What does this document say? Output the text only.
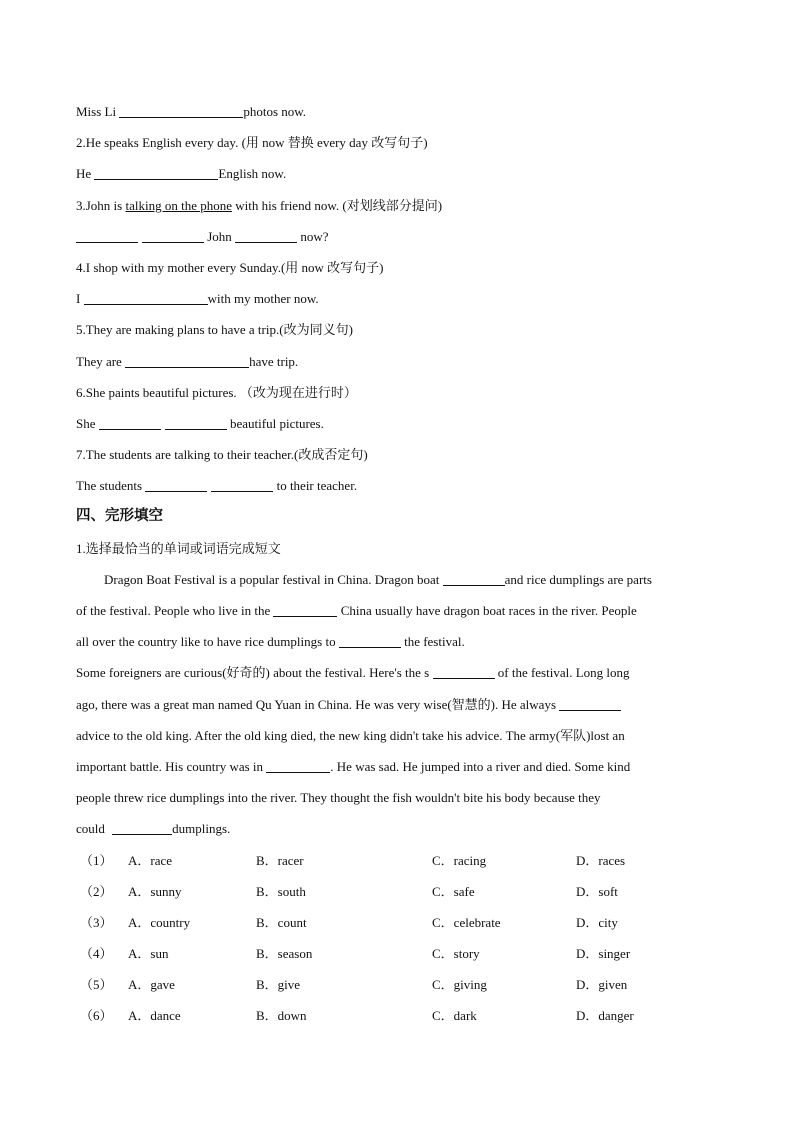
Miss Li	photos now.
2.He speaks English every day. (用 now 替换 every day 改写句子)
He	English now.
3.John is talking on the phone with his friend now. (对划线部分提问)
John	now?
4.I shop with my mother every Sunday.(用 now 改写句子)
I	with my mother now.
5.They are making plans to have a trip.(改为同义句)
They are	have trip.
6.She paints beautiful pictures. （改为现在进行时）
She	beautiful pictures.
7.The students are talking to their teacher.(改成否定句)
The students	to their teacher.
四、完形填空
1.选择最恰当的单词或词语完成短文
Dragon Boat Festival is a popular festival in China. Dragon boat	and rice dumplings are parts
of the festival. People who live in the	China usually have dragon boat races in the river. People
all over the country like to have rice dumplings to	the festival.
Some foreigners are curious(好奇的) about the festival. Here's the s	of the festival. Long long
ago, there was a great man named Qu Yuan in China. He was very wise(智慧的). He always
advice to the old king. After the old king died, the new king didn't take his advice. The army(军队)lost an
important battle. His country was in	. He was sad. He jumped into a river and died. Some kind
people threw rice dumplings into the river. They thought the fish wouldn't bite his body because they
could	dumplings.
（1） A．race	B．racer	C．racing	D．races
（2） A．sunny	B．south	C．safe	D．soft
（3） A．country	B．count	C．celebrate	D．city
（4） A．sun	B．season	C．story	D．singer
（5） A．gave	B．give	C．giving	D．given
（6） A．dance	B．down	C．dark	D．danger
